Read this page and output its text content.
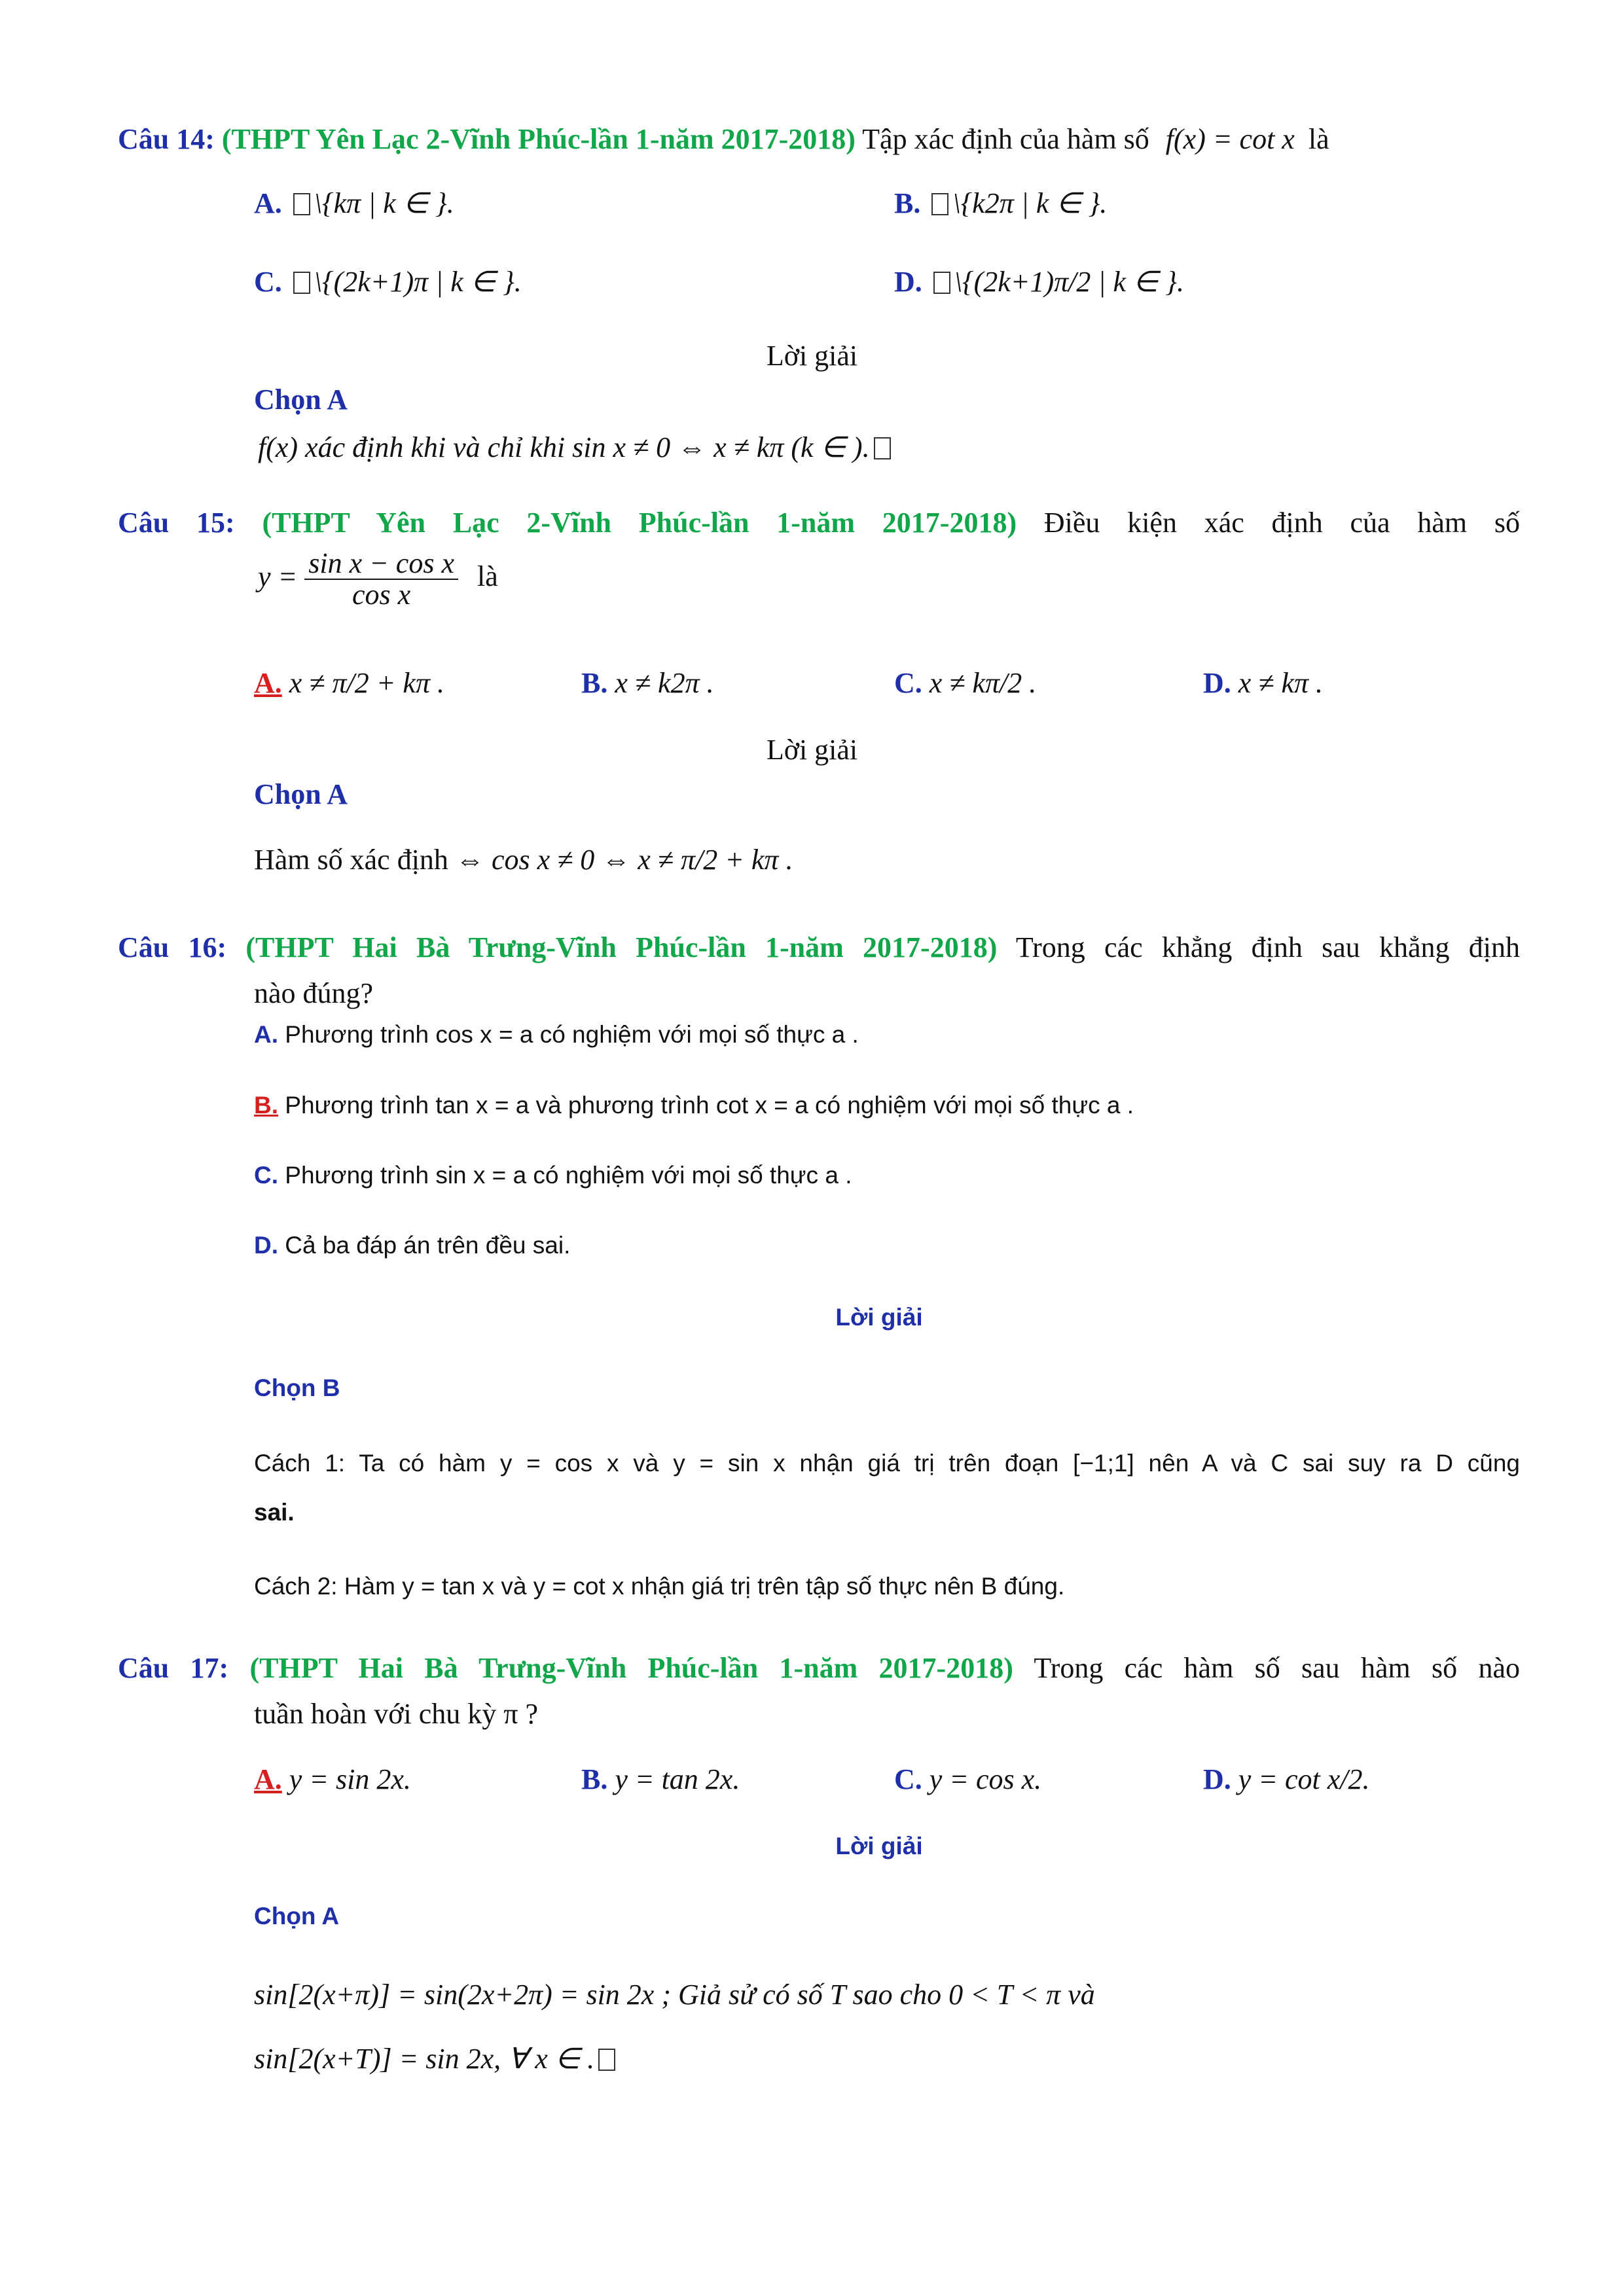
Câu 14: (THPT Yên Lạc 2-Vĩnh Phúc-lần 1-năm 2017-2018) Tập xác định của hàm số f(x) = cot x là
A. \{kπ | k ∈ }.	B. \{k2π | k ∈ }.
C. \{(2k+1)π | k ∈ }.	D. \{(2k+1)π/2 | k ∈ }.
Lời giải
Chọn A
f(x) xác định khi và chỉ khi sin x ≠ 0 ⇔ x ≠ kπ (k ∈ ).
Câu 15: (THPT Yên Lạc 2-Vĩnh Phúc-lần 1-năm 2017-2018) Điều kiện xác định của hàm số
$y = \frac{\text{sin x − cos x}}{\text{cos x}}$ là
A. x ≠ π/2 + kπ .	B. x ≠ k2π .	C. x ≠ kπ/2 .	D. x ≠ kπ .
Lời giải
Chọn A
Hàm số xác định ⇔ cos x ≠ 0 ⇔ x ≠ π/2 + kπ .
Câu 16: (THPT Hai Bà Trưng-Vĩnh Phúc-lần 1-năm 2017-2018) Trong các khẳng định sau khẳng định
nào đúng?
A. Phương trình cos x = a có nghiệm với mọi số thực a .
B. Phương trình tan x = a và phương trình cot x = a có nghiệm với mọi số thực a .
C. Phương trình sin x = a có nghiệm với mọi số thực a .
D. Cả ba đáp án trên đều sai.
Lời giải
Chọn B
Cách 1: Ta có hàm y = cos x và y = sin x nhận giá trị trên đoạn [−1;1] nên A và C sai suy ra D cũng
sai.
Cách 2: Hàm y = tan x và y = cot x nhận giá trị trên tập số thực nên B đúng.
Câu 17: (THPT Hai Bà Trưng-Vĩnh Phúc-lần 1-năm 2017-2018) Trong các hàm số sau hàm số nào
tuần hoàn với chu kỳ π ?
A. y = sin 2x.	B. y = tan 2x.	C. y = cos x.	D. y = cot x/2.
Lời giải
Chọn A
sin[2(x+π)] = sin(2x+2π) = sin 2x ; Giả sử có số T sao cho 0 < T < π và
sin[2(x+T)] = sin 2x, ∀ x ∈ .
